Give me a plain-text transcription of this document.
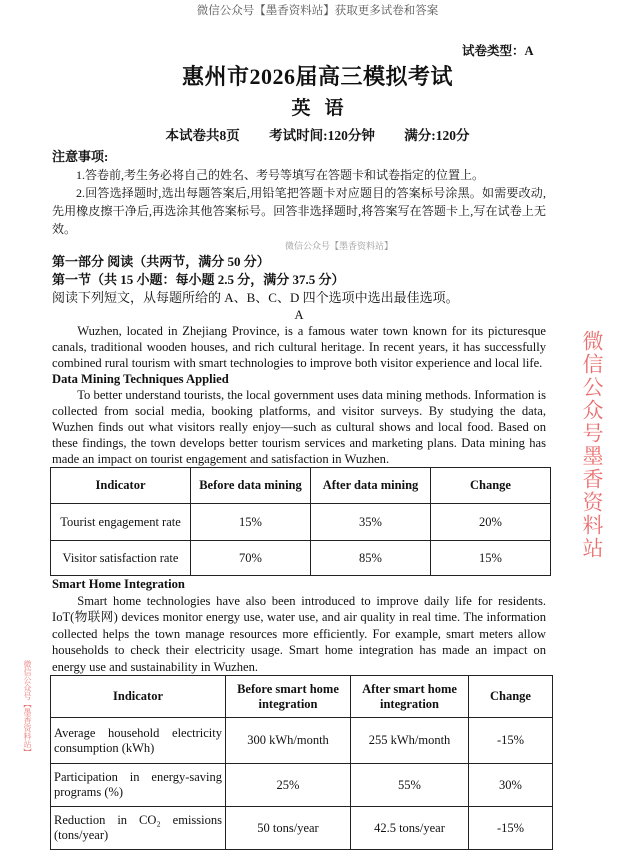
微信公众号【墨香资料站】获取更多试卷和答案
试卷类型：A
惠州市2026届高三模拟考试
英语
本试卷共8页 考试时间:120分钟 满分:120分
注意事项:

1.答卷前,考生务必将自己的姓名、考号等填写在答题卡和试卷指定的位置上。

2.回答选择题时,选出每题答案后,用铅笔把答题卡对应题目的答案标号涂黑。如需要改动,先用橡皮擦干净后,再选涂其他答案标号。回答非选择题时,将答案写在答题卡上,写在试卷上无效。

微信公众号【墨香资料站】
第一部分 阅读（共两节，满分 50 分）
第一节（共 15 小题：每小题 2.5 分，满分 37.5 分）
阅读下列短文，从每题所给的 A、B、C、D 四个选项中选出最佳选项。
A

Wuzhen, located in Zhejiang Province, is a famous water town known for its picturesque canals, traditional wooden houses, and rich cultural heritage. In recent years, it has successfully combined rural tourism with smart technologies to improve both visitor experience and local life.

Data Mining Techniques Applied

To better understand tourists, the local government uses data mining methods. Information is collected from social media, booking platforms, and visitor surveys. By studying the data, Wuzhen finds out what visitors really enjoy—such as cultural shows and local food. Based on these findings, the town develops better tourism services and marketing plans. Data mining has made an impact on tourist engagement and satisfaction in Wuzhen.

Indicator	Before data mining	After data mining	Change
Tourist engagement rate	15%	35%	20%
Visitor satisfaction rate	70%	85%	15%
Smart Home Integration

Smart home technologies have also been introduced to improve daily life for residents. IoT(物联网) devices monitor energy use, water use, and air quality in real time. The information collected helps the town manage resources more efficiently. For example, smart meters allow households to check their electricity usage. Smart home integration has made an impact on energy use and sustainability in Wuzhen.

Indicator	Before smart home integration	After smart home integration	Change
Average household electricity consumption (kWh)	300 kWh/month	255 kWh/month	-15%
Participation in energy-saving programs (%)	25%	55%	30%
Reduction in CO₂ emissions (tons/year)	50 tons/year	42.5 tons/year	-15%
微信公众号墨香资料站
微信公众号【墨香资料站】
